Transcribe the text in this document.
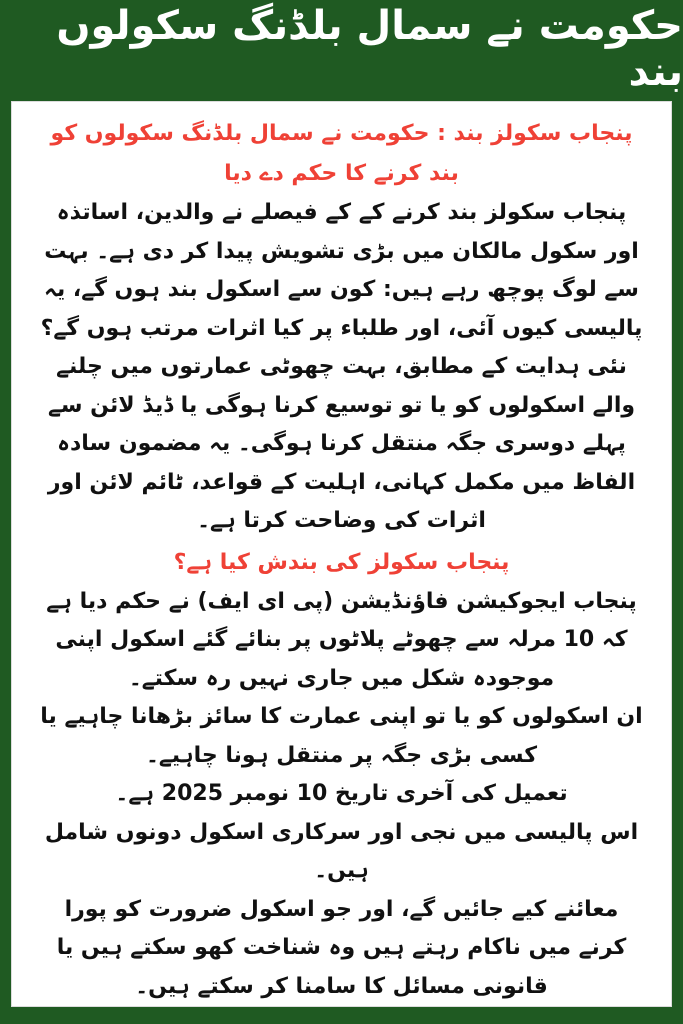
حکومت نے سمال بلڈنگ سکولوں بند

پنجاب سکولز بند : حکومت نے سمال بلڈنگ سکولوں کو بند کرنے کا حکم دے دیا

پنجاب سکولز بند کرنے کے کے فیصلے نے والدین، اساتذہ اور سکول مالکان میں بڑی تشویش پیدا کر دی ہے۔ بہت سے لوگ پوچھ رہے ہیں: کون سے اسکول بند ہوں گے، یہ پالیسی کیوں آئی، اور طلباء پر کیا اثرات مرتب ہوں گے؟ نئی ہدایت کے مطابق، بہت چھوٹی عمارتوں میں چلنے والے اسکولوں کو یا تو توسیع کرنا ہوگی یا ڈیڈ لائن سے پہلے دوسری جگہ منتقل کرنا ہوگی۔ یہ مضمون سادہ الفاظ میں مکمل کہانی، اہلیت کے قواعد، ٹائم لائن اور اثرات کی وضاحت کرتا ہے۔

پنجاب سکولز کی بندش کیا ہے؟

پنجاب ایجوکیشن فاؤنڈیشن (پی ای ایف) نے حکم دیا ہے کہ 10 مرلہ سے چھوٹے پلاٹوں پر بنائے گئے اسکول اپنی موجودہ شکل میں جاری نہیں رہ سکتے۔

ان اسکولوں کو یا تو اپنی عمارت کا سائز بڑھانا چاہیے یا کسی بڑی جگہ پر منتقل ہونا چاہیے۔

تعمیل کی آخری تاریخ 10 نومبر 2025 ہے۔

اس پالیسی میں نجی اور سرکاری اسکول دونوں شامل ہیں۔

معائنے کیے جائیں گے، اور جو اسکول ضرورت کو پورا کرنے میں ناکام رہتے ہیں وہ شناخت کھو سکتے ہیں یا قانونی مسائل کا سامنا کر سکتے ہیں۔
